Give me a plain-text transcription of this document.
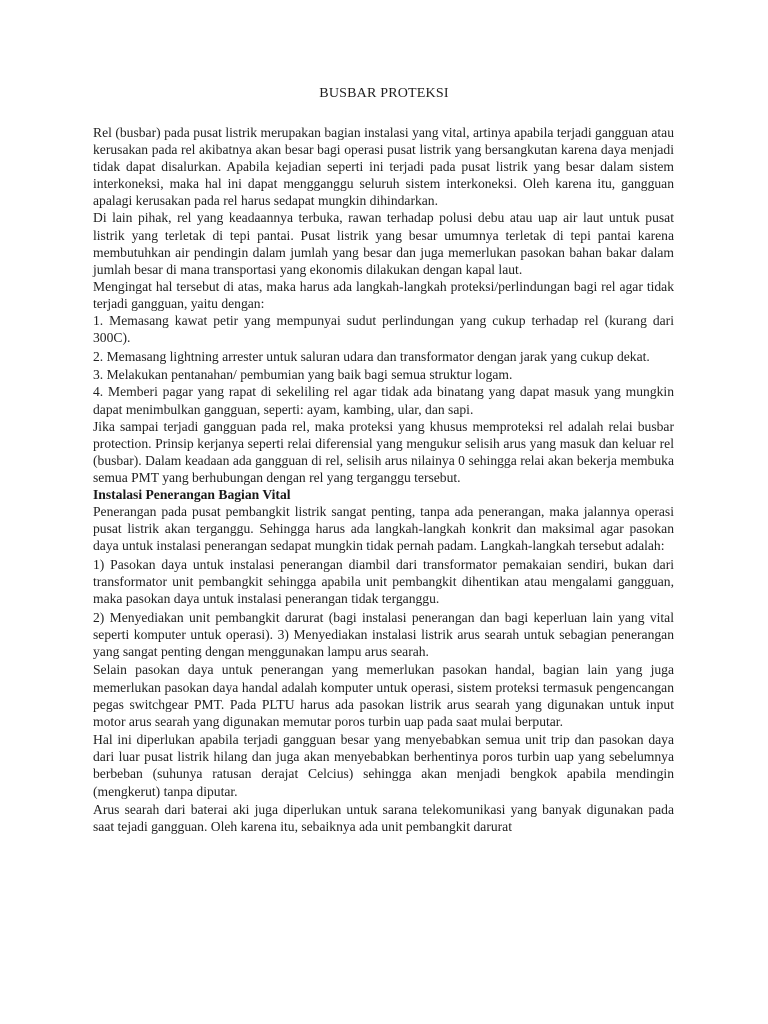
BUSBAR PROTEKSI

Rel (busbar) pada pusat listrik merupakan bagian instalasi yang vital, artinya apabila terjadi gangguan atau kerusakan pada rel akibatnya akan besar bagi operasi pusat listrik yang bersangkutan karena daya menjadi tidak dapat disalurkan. Apabila kejadian seperti ini terjadi pada pusat listrik yang besar dalam sistem interkoneksi, maka hal ini dapat mengganggu seluruh sistem interkoneksi. Oleh karena itu, gangguan apalagi kerusakan pada rel harus sedapat mungkin dihindarkan.

Di lain pihak, rel yang keadaannya terbuka, rawan terhadap polusi debu atau uap air laut untuk pusat listrik yang terletak di tepi pantai. Pusat listrik yang besar umumnya terletak di tepi pantai karena membutuhkan air pendingin dalam jumlah yang besar dan juga memerlukan pasokan bahan bakar dalam jumlah besar di mana transportasi yang ekonomis dilakukan dengan kapal laut.

Mengingat hal tersebut di atas, maka harus ada langkah-langkah proteksi/perlindungan bagi rel agar tidak terjadi gangguan, yaitu dengan:

1. Memasang kawat petir yang mempunyai sudut perlindungan yang cukup terhadap rel (kurang dari 300C).

2. Memasang lightning arrester untuk saluran udara dan transformator dengan jarak yang cukup dekat.

3. Melakukan pentanahan/ pembumian yang baik bagi semua struktur logam.

4. Memberi pagar yang rapat di sekeliling rel agar tidak ada binatang yang dapat masuk yang mungkin dapat menimbulkan gangguan, seperti: ayam, kambing, ular, dan sapi.

Jika sampai terjadi gangguan pada rel, maka proteksi yang khusus memproteksi rel adalah relai busbar protection. Prinsip kerjanya seperti relai diferensial yang mengukur selisih arus yang masuk dan keluar rel (busbar). Dalam keadaan ada gangguan di rel, selisih arus nilainya 0 sehingga relai akan bekerja membuka semua PMT yang berhubungan dengan rel yang terganggu tersebut.

Instalasi Penerangan Bagian Vital

Penerangan pada pusat pembangkit listrik sangat penting, tanpa ada penerangan, maka jalannya operasi pusat listrik akan terganggu. Sehingga harus ada langkah-langkah konkrit dan maksimal agar pasokan daya untuk instalasi penerangan sedapat mungkin tidak pernah padam. Langkah-langkah tersebut adalah:

1) Pasokan daya untuk instalasi penerangan diambil dari transformator pemakaian sendiri, bukan dari transformator unit pembangkit sehingga apabila unit pembangkit dihentikan atau mengalami gangguan, maka pasokan daya untuk instalasi penerangan tidak terganggu.

2) Menyediakan unit pembangkit darurat (bagi instalasi penerangan dan bagi keperluan lain yang vital seperti komputer untuk operasi). 3) Menyediakan instalasi listrik arus searah untuk sebagian penerangan yang sangat penting dengan menggunakan lampu arus searah.

Selain pasokan daya untuk penerangan yang memerlukan pasokan handal, bagian lain yang juga memerlukan pasokan daya handal adalah komputer untuk operasi, sistem proteksi termasuk pengencangan pegas switchgear PMT. Pada PLTU harus ada pasokan listrik arus searah yang digunakan untuk input motor arus searah yang digunakan memutar poros turbin uap pada saat mulai berputar.

Hal ini diperlukan apabila terjadi gangguan besar yang menyebabkan semua unit trip dan pasokan daya dari luar pusat listrik hilang dan juga akan menyebabkan berhentinya poros turbin uap yang sebelumnya berbeban (suhunya ratusan derajat Celcius) sehingga akan menjadi bengkok apabila mendingin (mengkerut) tanpa diputar.

Arus searah dari baterai aki juga diperlukan untuk sarana telekomunikasi yang banyak digunakan pada saat tejadi gangguan. Oleh karena itu, sebaiknya ada unit pembangkit darurat
